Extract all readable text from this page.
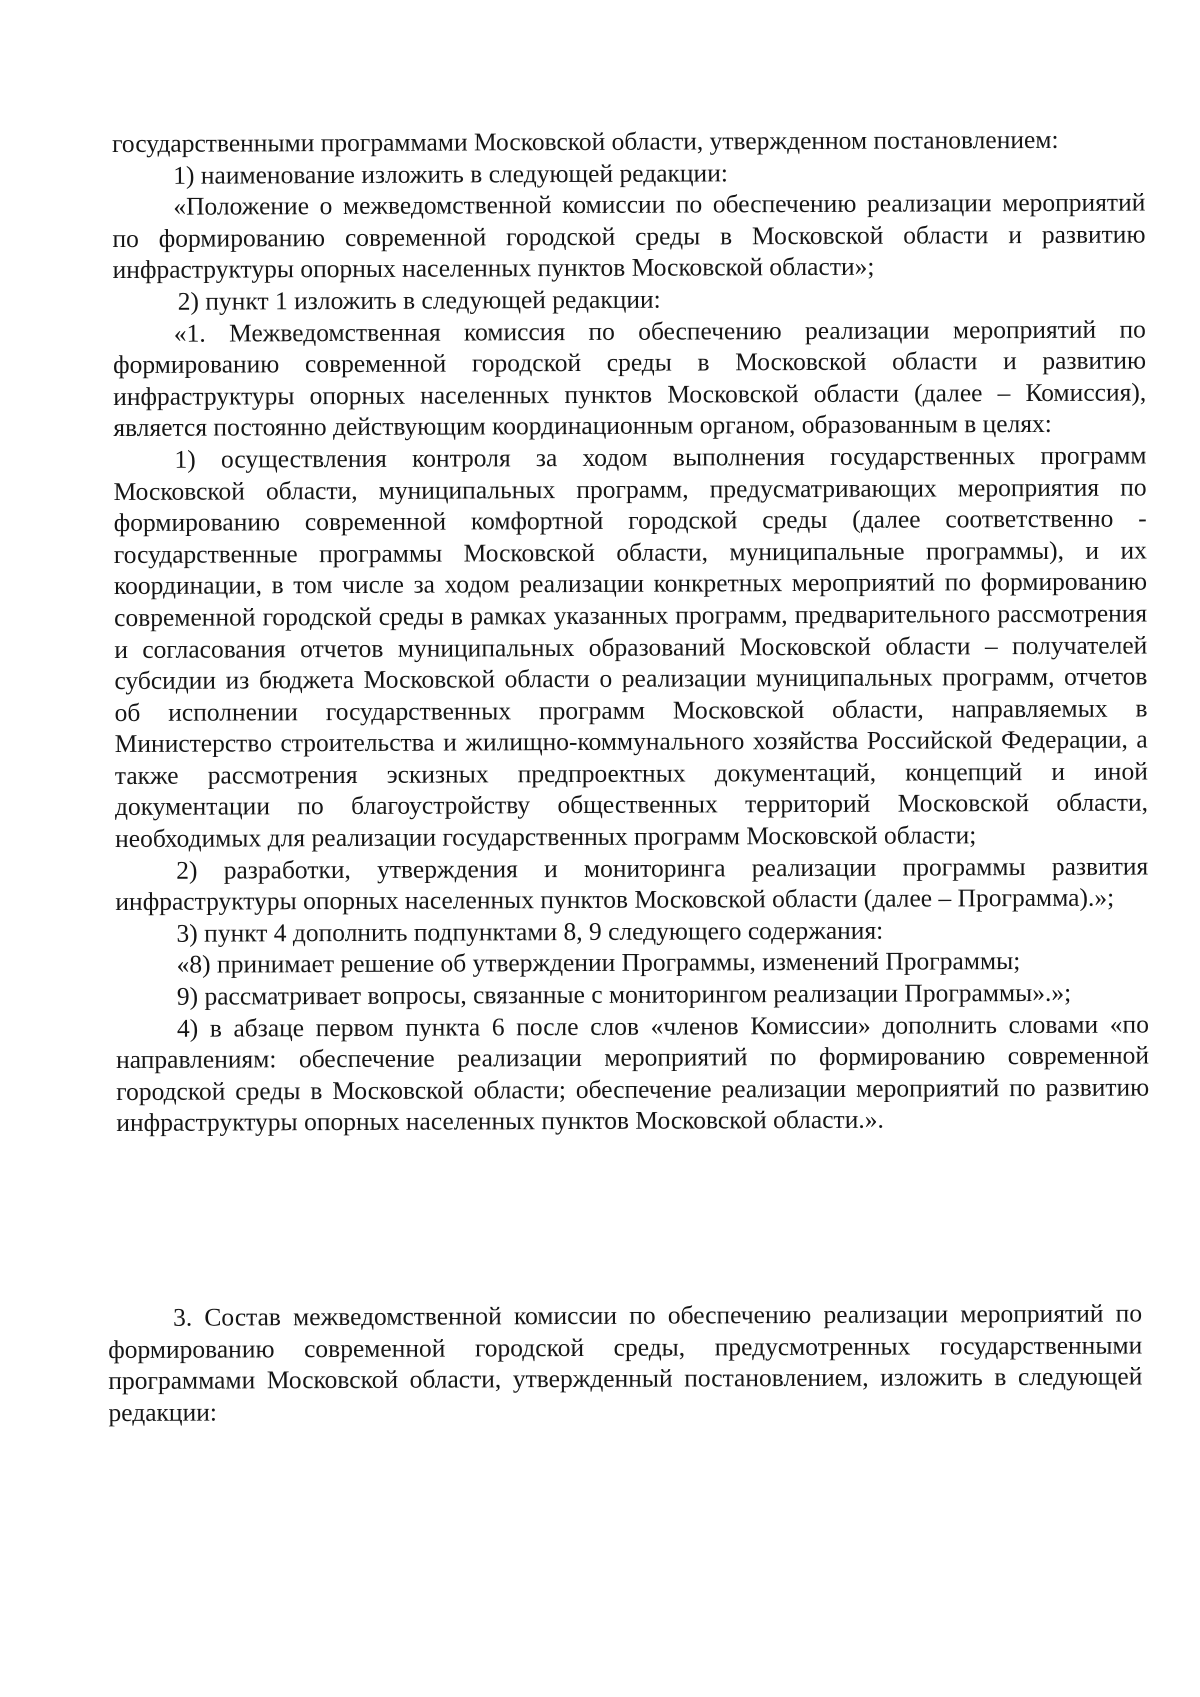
государственными программами Московской области, утвержденном постановлением:

1) наименование изложить в следующей редакции:

«Положение о межведомственной комиссии по обеспечению реализации мероприятий по формированию современной городской среды в Московской области и развитию инфраструктуры опорных населенных пунктов Московской области»;

2) пункт 1 изложить в следующей редакции:

«1. Межведомственная комиссия по обеспечению реализации мероприятий по формированию современной городской среды в Московской области и развитию инфраструктуры опорных населенных пунктов Московской области (далее – Комиссия), является постоянно действующим координационным органом, образованным в целях:

1) осуществления контроля за ходом выполнения государственных программ Московской области, муниципальных программ, предусматривающих мероприятия по формированию современной комфортной городской среды (далее соответственно - государственные программы Московской области, муниципальные программы), и их координации, в том числе за ходом реализации конкретных мероприятий по формированию современной городской среды в рамках указанных программ, предварительного рассмотрения и согласования отчетов муниципальных образований Московской области – получателей субсидии из бюджета Московской области о реализации муниципальных программ, отчетов об исполнении государственных программ Московской области, направляемых в Министерство строительства и жилищно-коммунального хозяйства Российской Федерации, а также рассмотрения эскизных предпроектных документаций, концепций и иной документации по благоустройству общественных территорий Московской области, необходимых для реализации государственных программ Московской области;

2) разработки, утверждения и мониторинга реализации программы развития инфраструктуры опорных населенных пунктов Московской области (далее – Программа).»;

3) пункт 4 дополнить подпунктами 8, 9 следующего содержания:

«8) принимает решение об утверждении Программы, изменений Программы;

9) рассматривает вопросы, связанные с мониторингом реализации Программы».»;

4) в абзаце первом пункта 6 после слов «членов Комиссии» дополнить словами «по направлениям: обеспечение реализации мероприятий по формированию современной городской среды в Московской области; обеспечение реализации мероприятий по развитию инфраструктуры опорных населенных пунктов Московской области.».

3. Состав межведомственной комиссии по обеспечению реализации мероприятий по формированию современной городской среды, предусмотренных государственными программами Московской области, утвержденный постановлением, изложить в следующей редакции:
